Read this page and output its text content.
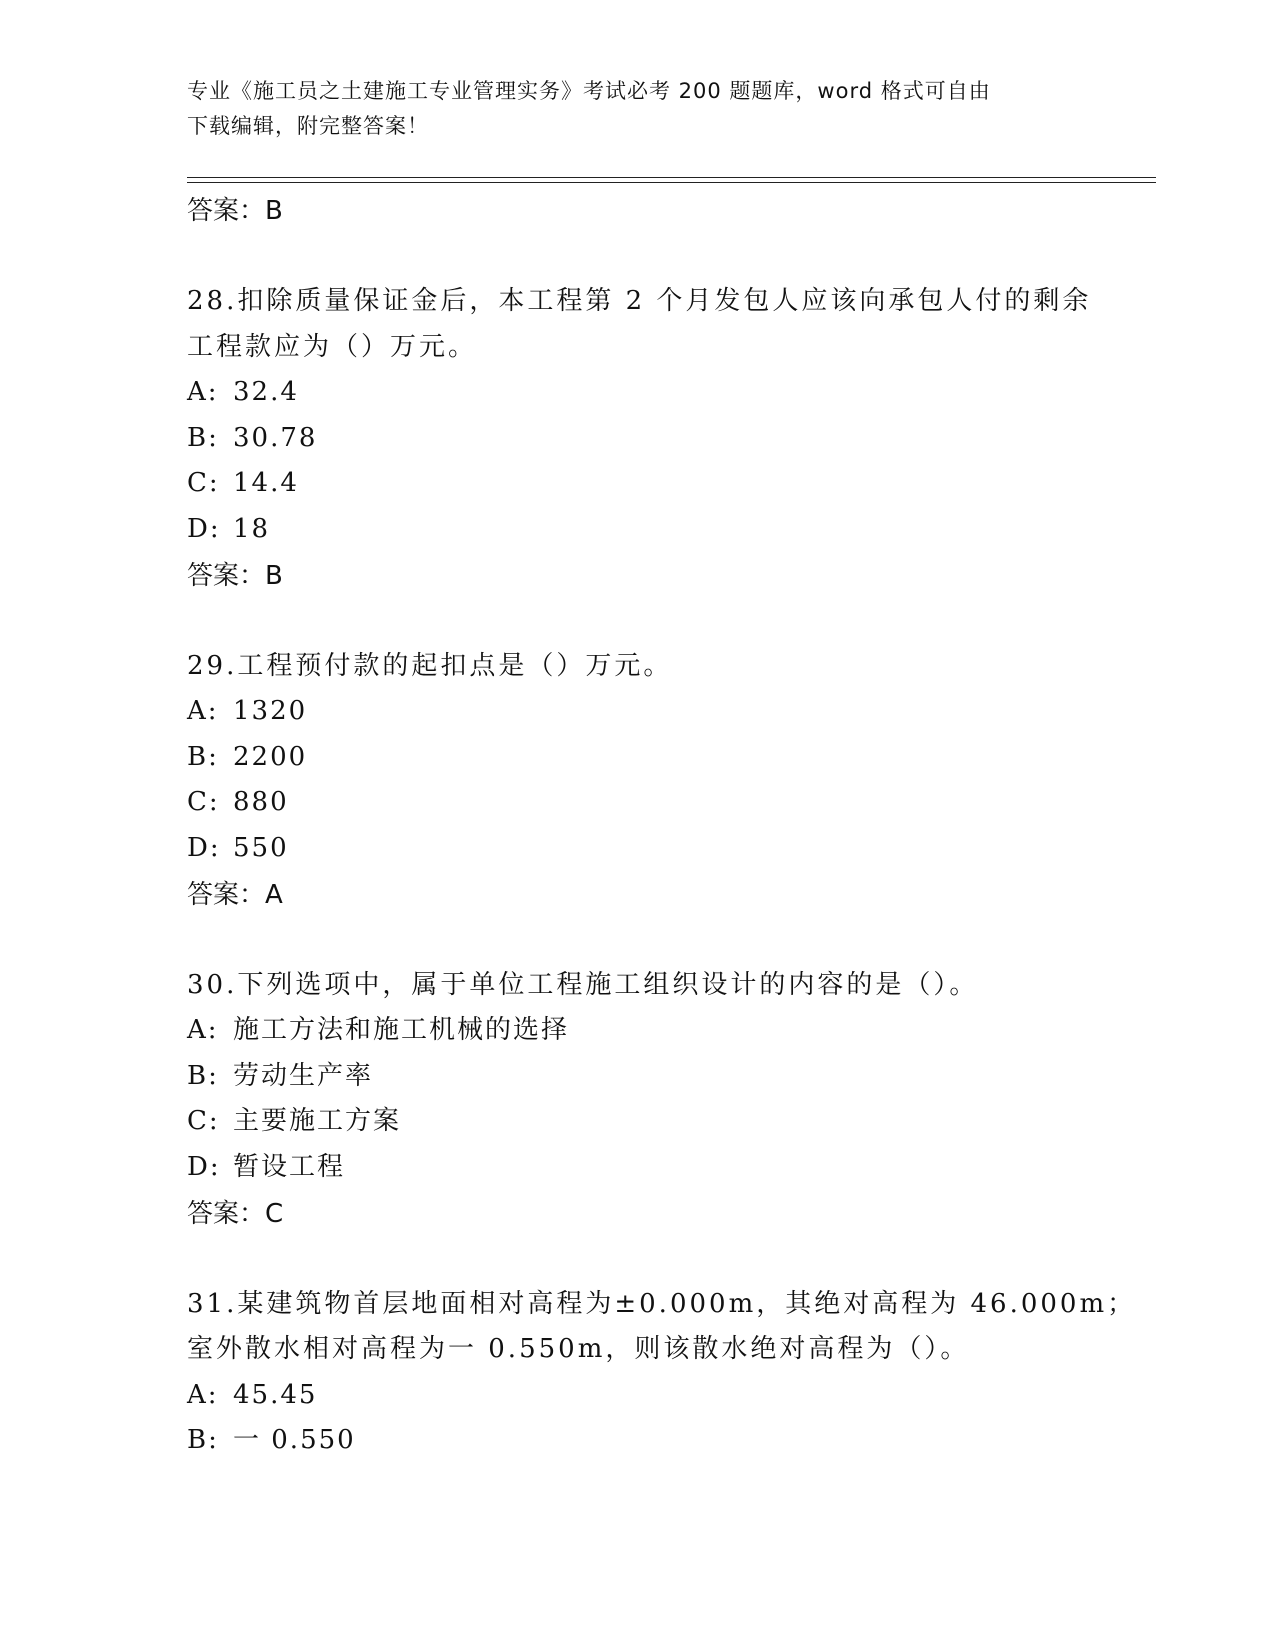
专业《施工员之土建施工专业管理实务》考试必考 200 题题库，word 格式可自由
下载编辑，附完整答案！
答案：B
28.扣除质量保证金后，本工程第 2 个月发包人应该向承包人付的剩余
工程款应为（）万元。
A: 32.4
B: 30.78
C: 14.4
D: 18
答案：B
29.工程预付款的起扣点是（）万元。
A: 1320
B: 2200
C: 880
D: 550
答案：A
30.下列选项中，属于单位工程施工组织设计的内容的是（）。
A: 施工方法和施工机械的选择
B: 劳动生产率
C: 主要施工方案
D: 暂设工程
答案：C
31.某建筑物首层地面相对高程为±0.000m，其绝对高程为 46.000m；
室外散水相对高程为一 0.550m，则该散水绝对高程为（）。
A: 45.45
B: 一 0.550
